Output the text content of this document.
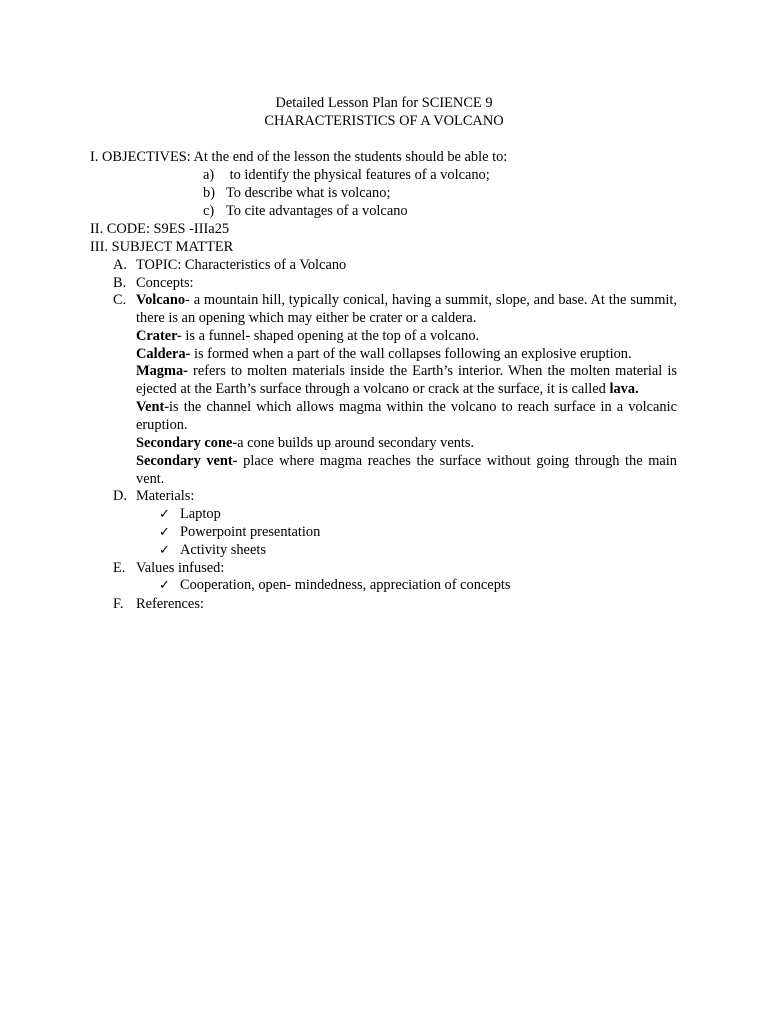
Detailed Lesson Plan for SCIENCE 9
CHARACTERISTICS OF A VOLCANO
I. OBJECTIVES: At the end of the lesson the students should be able to:
a) to identify the physical features of a volcano;
b) To describe what is volcano;
c) To cite advantages of a volcano
II. CODE: S9ES -IIIa25
III. SUBJECT MATTER
A. TOPIC: Characteristics of a Volcano
B. Concepts:
C. Volcano- a mountain hill, typically conical, having a summit, slope, and base. At the summit, there is an opening which may either be crater or a caldera.
Crater- is a funnel- shaped opening at the top of a volcano.
Caldera- is formed when a part of the wall collapses following an explosive eruption.
Magma- refers to molten materials inside the Earth’s interior. When the molten material is ejected at the Earth’s surface through a volcano or crack at the surface, it is called lava.
Vent-is the channel which allows magma within the volcano to reach surface in a volcanic eruption.
Secondary cone-a cone builds up around secondary vents.
Secondary vent- place where magma reaches the surface without going through the main vent.
D. Materials:
✓ Laptop
✓ Powerpoint presentation
✓ Activity sheets
E. Values infused:
✓ Cooperation, open- mindedness, appreciation of concepts
F. References:
